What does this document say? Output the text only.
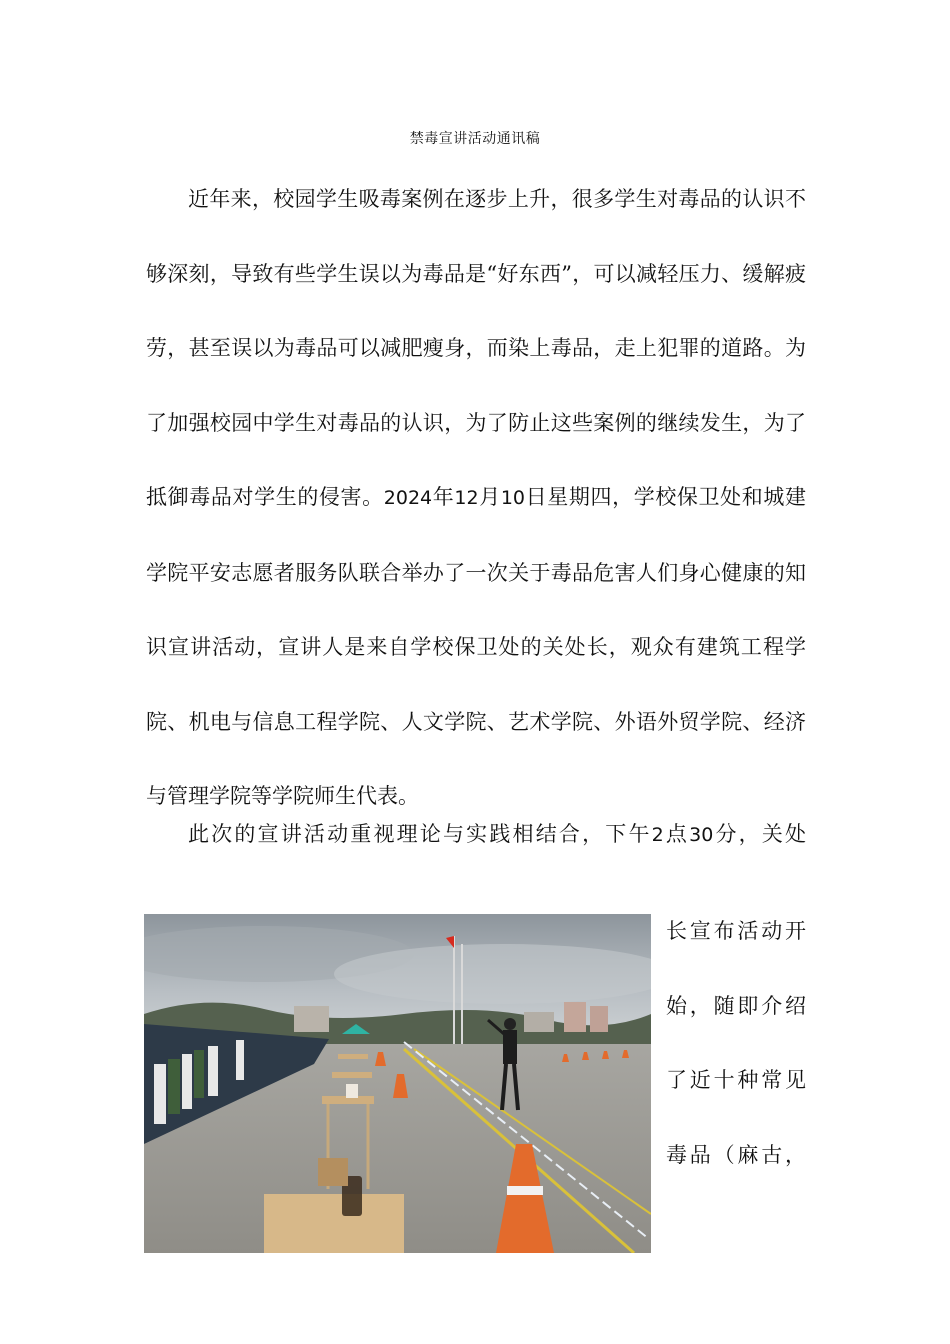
禁毒宣讲活动通讯稿

近年来，校园学生吸毒案例在逐步上升，很多学生对毒品的认识不够深刻，导致有些学生误以为毒品是“好东西”，可以减轻压力、缓解疲劳，甚至误以为毒品可以减肥瘦身，而染上毒品，走上犯罪的道路。为了加强校园中学生对毒品的认识，为了防止这些案例的继续发生，为了抵御毒品对学生的侵害。2024年12月10日星期四，学校保卫处和城建学院平安志愿者服务队联合举办了一次关于毒品危害人们身心健康的知识宣讲活动，宣讲人是来自学校保卫处的关处长，观众有建筑工程学院、机电与信息工程学院、人文学院、艺术学院、外语外贸学院、经济与管理学院等学院师生代表。

此次的宣讲活动重视理论与实践相结合，下午2点30分，关处

长宣布活动开
始，随即介绍
了近十种常见
毒品（麻古，
